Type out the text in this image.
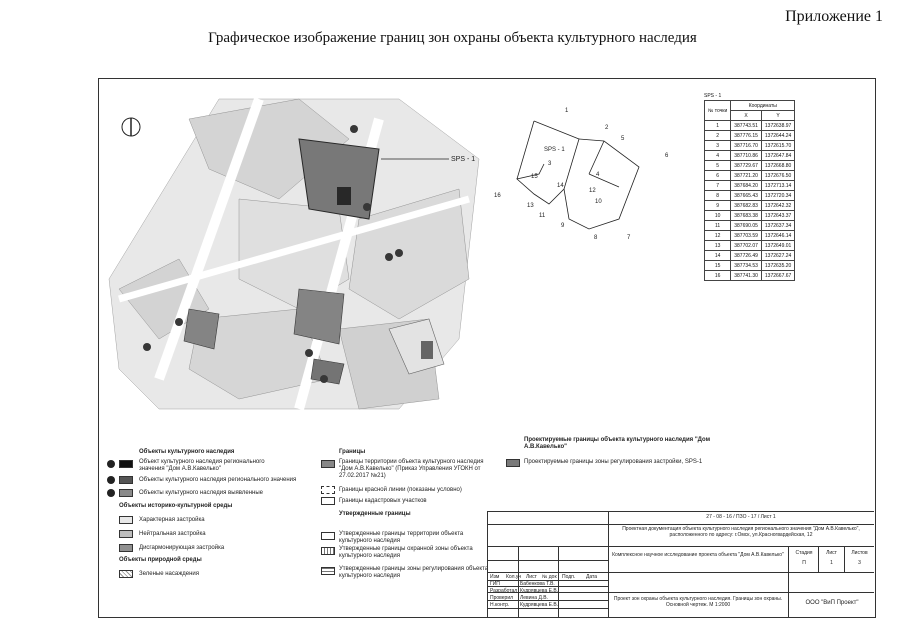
Приложение 1
Графическое изображение границ зон охраны объекта культурного наследия
SPS - 1
SPS - 1
1
2
3
4
5
6
7
8
9
10
11
12
13
14
15
16
SPS - 1
№ точки	Координаты	
	X	Y
1	387743.51	1372638.97
2	387776.15	1372644.24
3	387716.70	1372615.70
4	387710.86	1372647.84
5	387729.67	1372668.80
6	387721.20	1372676.50
7	387684.20	1372713.14
8	387665.43	1372720.34
9	387682.83	1372642.32
10	387683.38	1372643.37
11	387690.05	1372637.34
12	387703.59	1372646.14
13	387702.07	1372649.01
14	387726.49	1372627.24
15	387734.53	1372635.20
16	387741.30	1372667.67
Объекты культурного наследия
Объект культурного наследия регионального значения "Дом А.В.Кавелько"
Объекты культурного наследия регионального значения
Объекты культурного наследия выявленные
Объекты историко-культурной среды
Характерная застройка
Нейтральная застройка
Дисгармонирующая застройка
Объекты природной среды
Зеленые насаждения
Границы
Границы территории объекта культурного наследия "Дом А.В.Кавелько" (Приказ Управления УГОКН от 27.02.2017 №21)
Границы красной линии (показаны условно)
Границы кадастровых участков
Утвержденные границы
Утвержденные границы территории объекта культурного наследия
Утвержденные границы охранной зоны объекта культурного наследия
Утвержденные границы зоны регулирования объекта культурного наследия
Проектируемые границы объекта культурного наследия "Дом А.В.Кавелько"
Проектируемые границы зоны регулирования застройки, SPS-1
27 - 08 - 16 / ПЗО - 17 / Лист 1
Проектная документация объекта культурного наследия регионального значения "Дом А.В.Кавелько", расположенного по адресу: г.Омск, ул.Красногвардейская, 12
Комплексное научное исследование проекта объекта "Дом А.В.Кавелько"
Проект зон охраны объекта культурного наследия. Границы зон охраны. Основной чертеж. М 1:2000	ООО "ВиП Проект"
Стадия	Лист	Листов
П	1	3
Изм Кол.уч Лист № док Подп. Дата
ГИП	Бабенкова Т.В.
Разработал Кудрявцева Е.В.
Проверил Левина Д.В.
Н.контр. Кудрявцева Е.В.
